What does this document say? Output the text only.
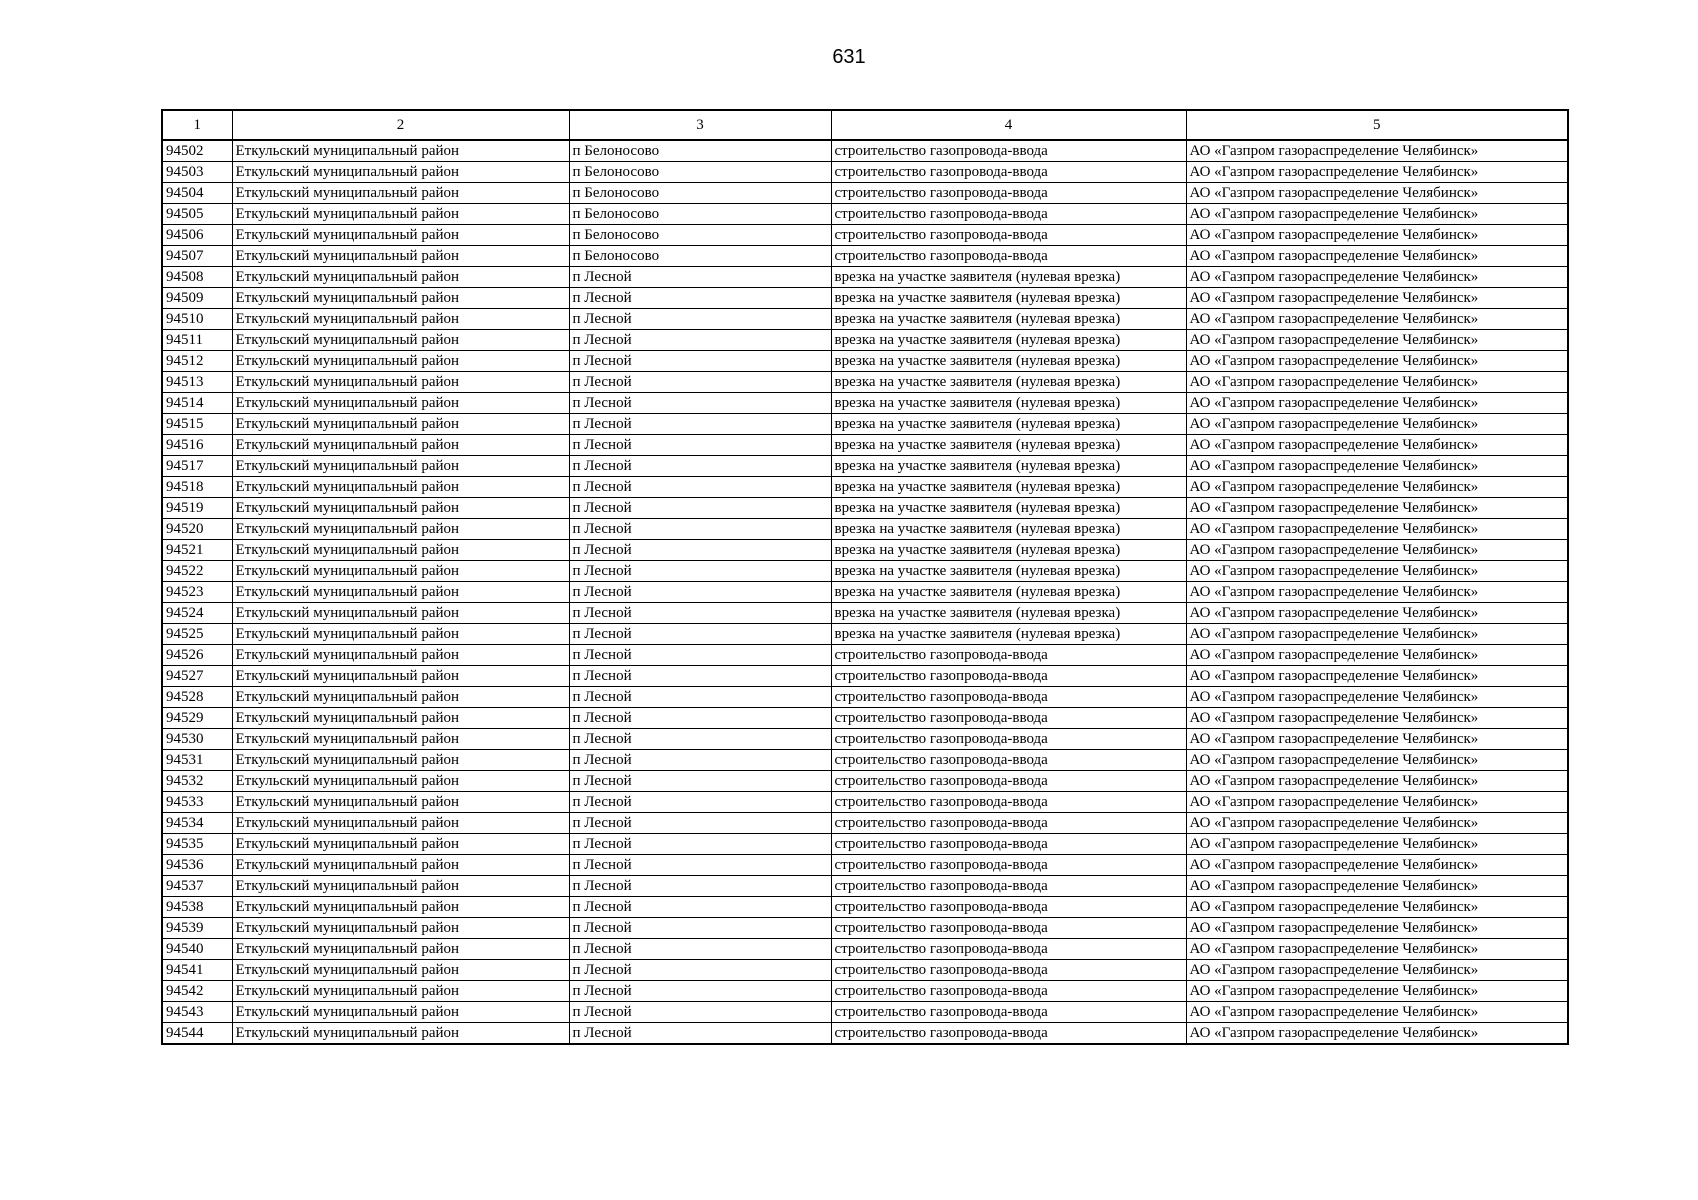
631
1	2	3	4	5
94502	Еткульский муниципальный район	п Белоносово	строительство газопровода-ввода	АО «Газпром газораспределение Челябинск»
94503	Еткульский муниципальный район	п Белоносово	строительство газопровода-ввода	АО «Газпром газораспределение Челябинск»
94504	Еткульский муниципальный район	п Белоносово	строительство газопровода-ввода	АО «Газпром газораспределение Челябинск»
94505	Еткульский муниципальный район	п Белоносово	строительство газопровода-ввода	АО «Газпром газораспределение Челябинск»
94506	Еткульский муниципальный район	п Белоносово	строительство газопровода-ввода	АО «Газпром газораспределение Челябинск»
94507	Еткульский муниципальный район	п Белоносово	строительство газопровода-ввода	АО «Газпром газораспределение Челябинск»
94508	Еткульский муниципальный район	п Лесной	врезка на участке заявителя (нулевая врезка)	АО «Газпром газораспределение Челябинск»
94509	Еткульский муниципальный район	п Лесной	врезка на участке заявителя (нулевая врезка)	АО «Газпром газораспределение Челябинск»
94510	Еткульский муниципальный район	п Лесной	врезка на участке заявителя (нулевая врезка)	АО «Газпром газораспределение Челябинск»
94511	Еткульский муниципальный район	п Лесной	врезка на участке заявителя (нулевая врезка)	АО «Газпром газораспределение Челябинск»
94512	Еткульский муниципальный район	п Лесной	врезка на участке заявителя (нулевая врезка)	АО «Газпром газораспределение Челябинск»
94513	Еткульский муниципальный район	п Лесной	врезка на участке заявителя (нулевая врезка)	АО «Газпром газораспределение Челябинск»
94514	Еткульский муниципальный район	п Лесной	врезка на участке заявителя (нулевая врезка)	АО «Газпром газораспределение Челябинск»
94515	Еткульский муниципальный район	п Лесной	врезка на участке заявителя (нулевая врезка)	АО «Газпром газораспределение Челябинск»
94516	Еткульский муниципальный район	п Лесной	врезка на участке заявителя (нулевая врезка)	АО «Газпром газораспределение Челябинск»
94517	Еткульский муниципальный район	п Лесной	врезка на участке заявителя (нулевая врезка)	АО «Газпром газораспределение Челябинск»
94518	Еткульский муниципальный район	п Лесной	врезка на участке заявителя (нулевая врезка)	АО «Газпром газораспределение Челябинск»
94519	Еткульский муниципальный район	п Лесной	врезка на участке заявителя (нулевая врезка)	АО «Газпром газораспределение Челябинск»
94520	Еткульский муниципальный район	п Лесной	врезка на участке заявителя (нулевая врезка)	АО «Газпром газораспределение Челябинск»
94521	Еткульский муниципальный район	п Лесной	врезка на участке заявителя (нулевая врезка)	АО «Газпром газораспределение Челябинск»
94522	Еткульский муниципальный район	п Лесной	врезка на участке заявителя (нулевая врезка)	АО «Газпром газораспределение Челябинск»
94523	Еткульский муниципальный район	п Лесной	врезка на участке заявителя (нулевая врезка)	АО «Газпром газораспределение Челябинск»
94524	Еткульский муниципальный район	п Лесной	врезка на участке заявителя (нулевая врезка)	АО «Газпром газораспределение Челябинск»
94525	Еткульский муниципальный район	п Лесной	врезка на участке заявителя (нулевая врезка)	АО «Газпром газораспределение Челябинск»
94526	Еткульский муниципальный район	п Лесной	строительство газопровода-ввода	АО «Газпром газораспределение Челябинск»
94527	Еткульский муниципальный район	п Лесной	строительство газопровода-ввода	АО «Газпром газораспределение Челябинск»
94528	Еткульский муниципальный район	п Лесной	строительство газопровода-ввода	АО «Газпром газораспределение Челябинск»
94529	Еткульский муниципальный район	п Лесной	строительство газопровода-ввода	АО «Газпром газораспределение Челябинск»
94530	Еткульский муниципальный район	п Лесной	строительство газопровода-ввода	АО «Газпром газораспределение Челябинск»
94531	Еткульский муниципальный район	п Лесной	строительство газопровода-ввода	АО «Газпром газораспределение Челябинск»
94532	Еткульский муниципальный район	п Лесной	строительство газопровода-ввода	АО «Газпром газораспределение Челябинск»
94533	Еткульский муниципальный район	п Лесной	строительство газопровода-ввода	АО «Газпром газораспределение Челябинск»
94534	Еткульский муниципальный район	п Лесной	строительство газопровода-ввода	АО «Газпром газораспределение Челябинск»
94535	Еткульский муниципальный район	п Лесной	строительство газопровода-ввода	АО «Газпром газораспределение Челябинск»
94536	Еткульский муниципальный район	п Лесной	строительство газопровода-ввода	АО «Газпром газораспределение Челябинск»
94537	Еткульский муниципальный район	п Лесной	строительство газопровода-ввода	АО «Газпром газораспределение Челябинск»
94538	Еткульский муниципальный район	п Лесной	строительство газопровода-ввода	АО «Газпром газораспределение Челябинск»
94539	Еткульский муниципальный район	п Лесной	строительство газопровода-ввода	АО «Газпром газораспределение Челябинск»
94540	Еткульский муниципальный район	п Лесной	строительство газопровода-ввода	АО «Газпром газораспределение Челябинск»
94541	Еткульский муниципальный район	п Лесной	строительство газопровода-ввода	АО «Газпром газораспределение Челябинск»
94542	Еткульский муниципальный район	п Лесной	строительство газопровода-ввода	АО «Газпром газораспределение Челябинск»
94543	Еткульский муниципальный район	п Лесной	строительство газопровода-ввода	АО «Газпром газораспределение Челябинск»
94544	Еткульский муниципальный район	п Лесной	строительство газопровода-ввода	АО «Газпром газораспределение Челябинск»
